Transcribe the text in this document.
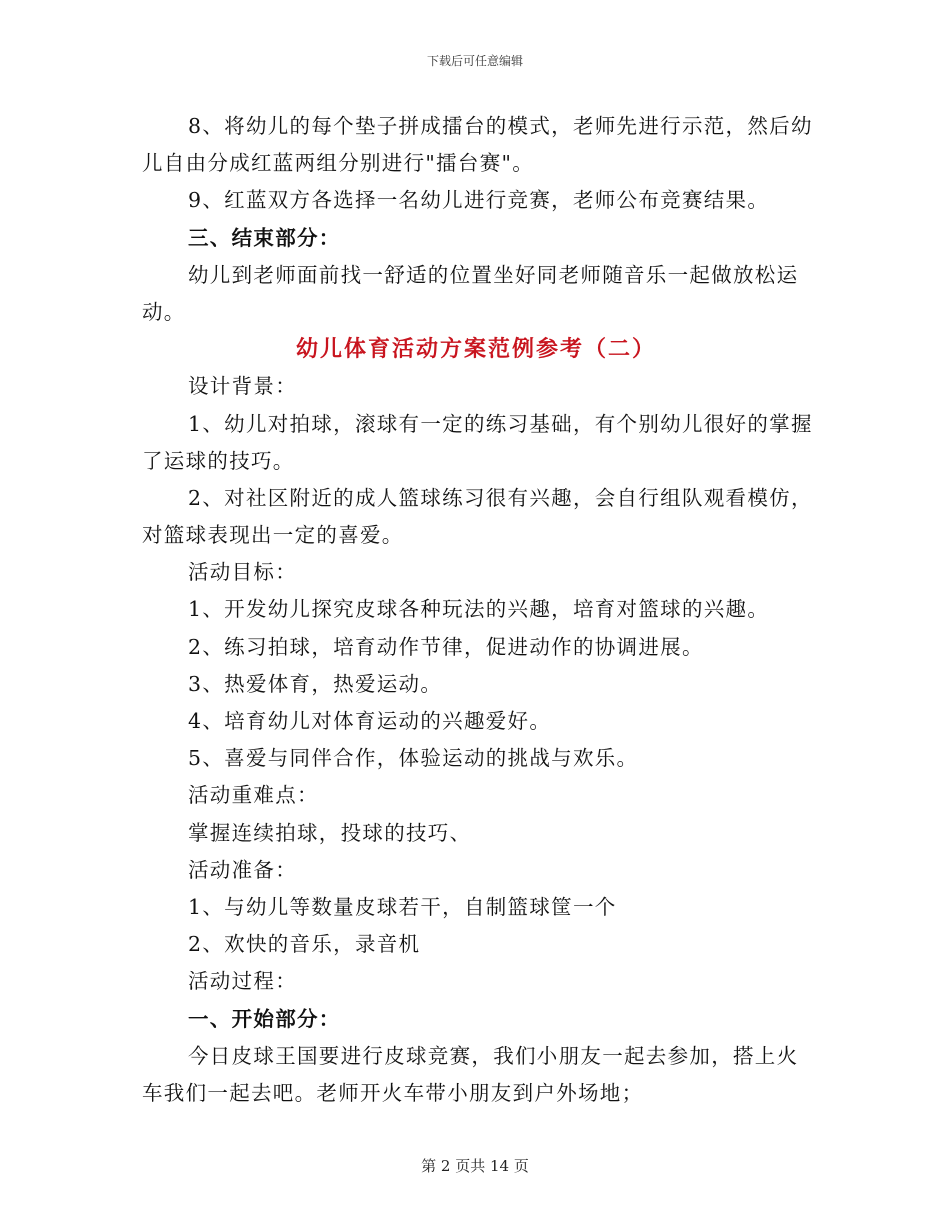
下载后可任意编辑
8、将幼儿的每个垫子拼成擂台的模式，老师先进行示范，然后幼
儿自由分成红蓝两组分别进行"擂台赛"。
9、红蓝双方各选择一名幼儿进行竞赛，老师公布竞赛结果。
三、结束部分：
幼儿到老师面前找一舒适的位置坐好同老师随音乐一起做放松运
动。
幼儿体育活动方案范例参考（二）
设计背景：
1、幼儿对拍球，滚球有一定的练习基础，有个别幼儿很好的掌握
了运球的技巧。
2、对社区附近的成人篮球练习很有兴趣，会自行组队观看模仿，
对篮球表现出一定的喜爱。
活动目标：
1、开发幼儿探究皮球各种玩法的兴趣，培育对篮球的兴趣。
2、练习拍球，培育动作节律，促进动作的协调进展。
3、热爱体育，热爱运动。
4、培育幼儿对体育运动的兴趣爱好。
5、喜爱与同伴合作，体验运动的挑战与欢乐。
活动重难点：
掌握连续拍球，投球的技巧、
活动准备：
1、与幼儿等数量皮球若干，自制篮球筐一个
2、欢快的音乐，录音机
活动过程：
一、开始部分：
今日皮球王国要进行皮球竞赛，我们小朋友一起去参加，搭上火
车我们一起去吧。老师开火车带小朋友到户外场地；
第 2 页共 14 页
